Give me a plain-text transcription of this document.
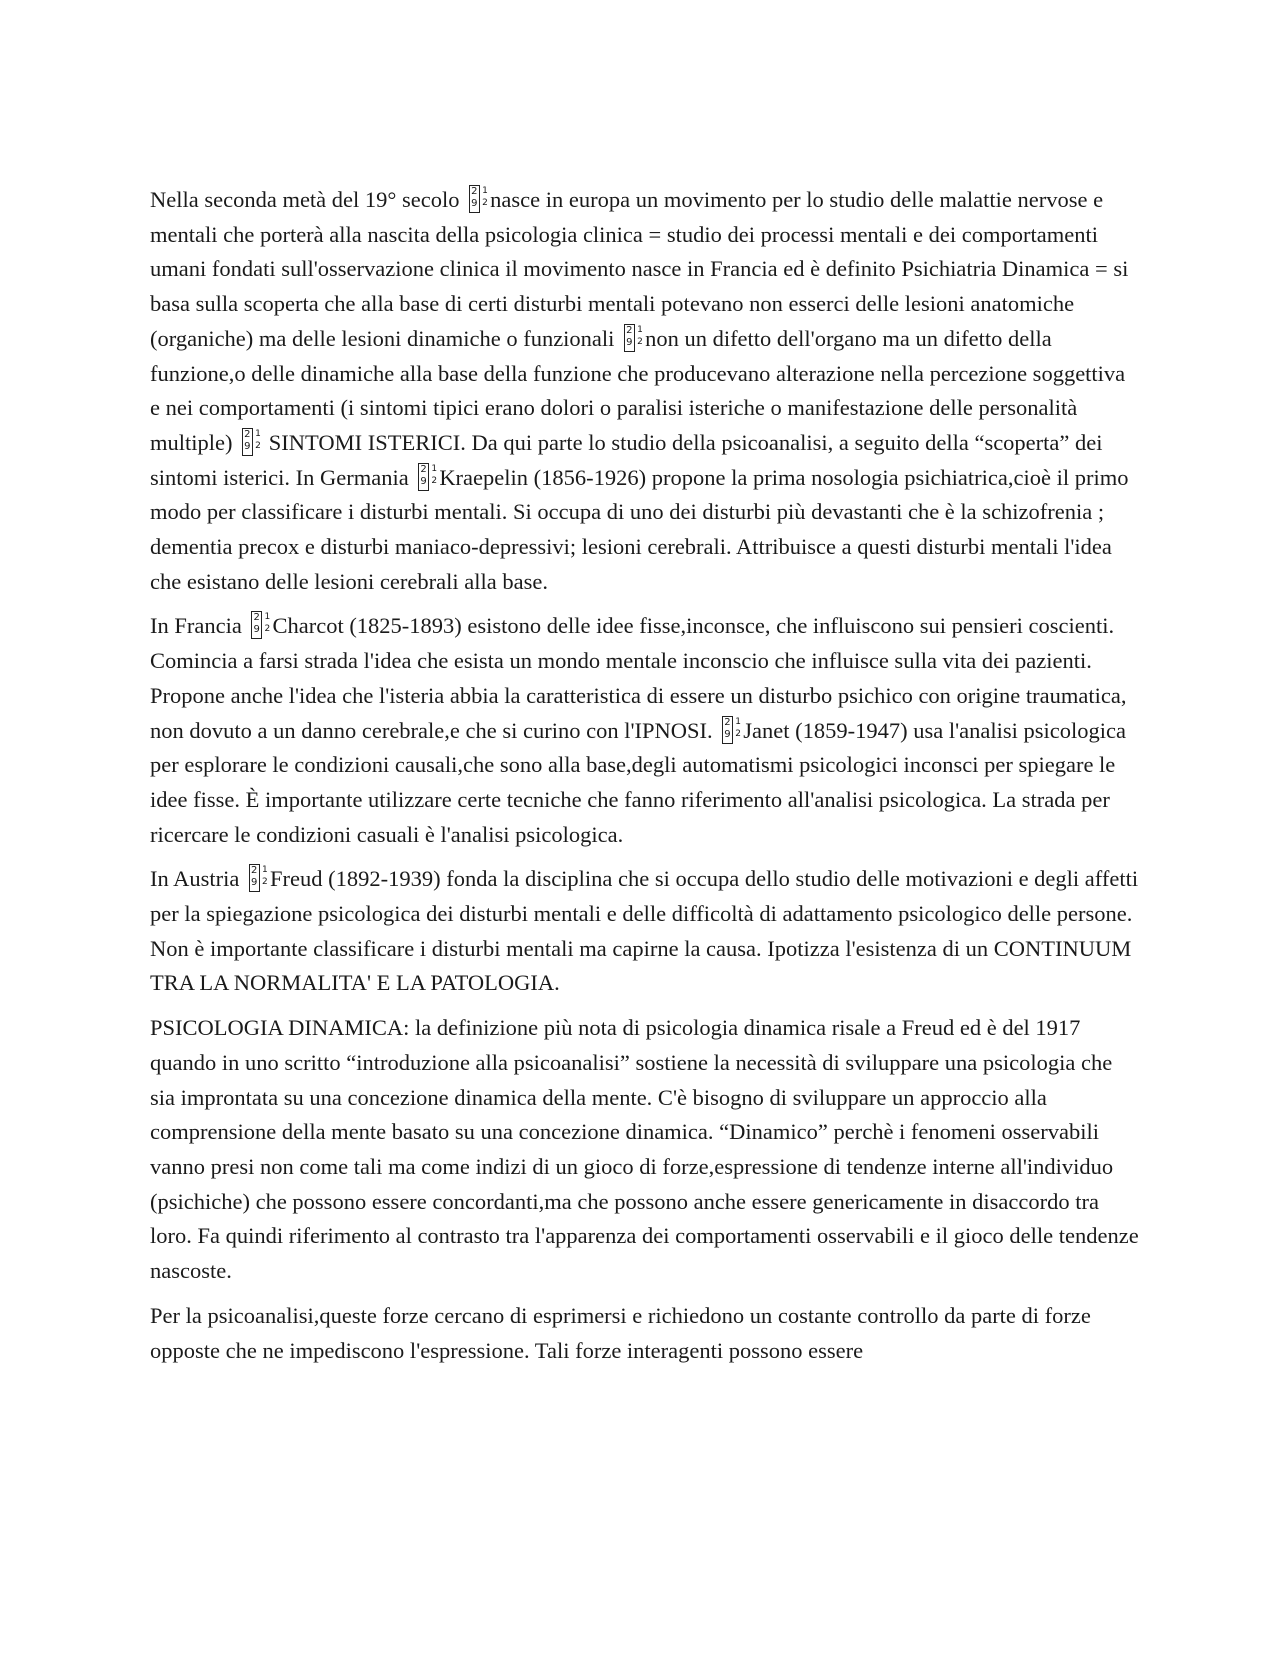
Nella seconda metà del 19° secolo 2
9
1
2 nasce in europa un movimento per lo studio delle malattie nervose e mentali che porterà alla nascita della psicologia clinica = studio dei processi mentali e dei comportamenti umani fondati sull'osservazione clinica il movimento nasce in Francia ed è definito Psichiatria Dinamica = si basa sulla scoperta che alla base di certi disturbi mentali potevano non esserci delle lesioni anatomiche (organiche) ma delle lesioni dinamiche o funzionali 2
9
1
2 non un difetto dell'organo ma un difetto della funzione,o delle dinamiche alla base della funzione che producevano alterazione nella percezione soggettiva e nei comportamenti (i sintomi tipici erano dolori o paralisi isteriche o manifestazione delle personalità multiple) 2
9
1
2 SINTOMI ISTERICI. Da qui parte lo studio della psicoanalisi, a seguito della “scoperta” dei sintomi isterici. In Germania 2
9
1
2 Kraepelin (1856-1926) propone la prima nosologia psichiatrica,cioè il primo modo per classificare i disturbi mentali. Si occupa di uno dei disturbi più devastanti che è la schizofrenia ; dementia precox e disturbi maniaco-depressivi; lesioni cerebrali. Attribuisce a questi disturbi mentali l'idea che esistano delle lesioni cerebrali alla base.

In Francia 2
9
1
2 Charcot (1825-1893) esistono delle idee fisse,inconsce, che influiscono sui pensieri coscienti. Comincia a farsi strada l'idea che esista un mondo mentale inconscio che influisce sulla vita dei pazienti. Propone anche l'idea che l'isteria abbia la caratteristica di essere un disturbo psichico con origine traumatica, non dovuto a un danno cerebrale,e che si curino con l'IPNOSI. 2
9
1
2 Janet (1859-1947) usa l'analisi psicologica per esplorare le condizioni causali,che sono alla base,degli automatismi psicologici inconsci per spiegare le idee fisse. È importante utilizzare certe tecniche che fanno riferimento all'analisi psicologica. La strada per ricercare le condizioni casuali è l'analisi psicologica.

In Austria 2
9
1
2 Freud (1892-1939) fonda la disciplina che si occupa dello studio delle motivazioni e degli affetti per la spiegazione psicologica dei disturbi mentali e delle difficoltà di adattamento psicologico delle persone. Non è importante classificare i disturbi mentali ma capirne la causa. Ipotizza l'esistenza di un CONTINUUM TRA LA NORMALITA' E LA PATOLOGIA.

PSICOLOGIA DINAMICA: la definizione più nota di psicologia dinamica risale a Freud ed è del 1917 quando in uno scritto “introduzione alla psicoanalisi” sostiene la necessità di sviluppare una psicologia che sia improntata su una concezione dinamica della mente. C'è bisogno di sviluppare un approccio alla comprensione della mente basato su una concezione dinamica. “Dinamico” perchè i fenomeni osservabili vanno presi non come tali ma come indizi di un gioco di forze,espressione di tendenze interne all'individuo (psichiche) che possono essere concordanti,ma che possono anche essere genericamente in disaccordo tra loro. Fa quindi riferimento al contrasto tra l'apparenza dei comportamenti osservabili e il gioco delle tendenze nascoste.

Per la psicoanalisi,queste forze cercano di esprimersi e richiedono un costante controllo da parte di forze opposte che ne impediscono l'espressione. Tali forze interagenti possono essere
